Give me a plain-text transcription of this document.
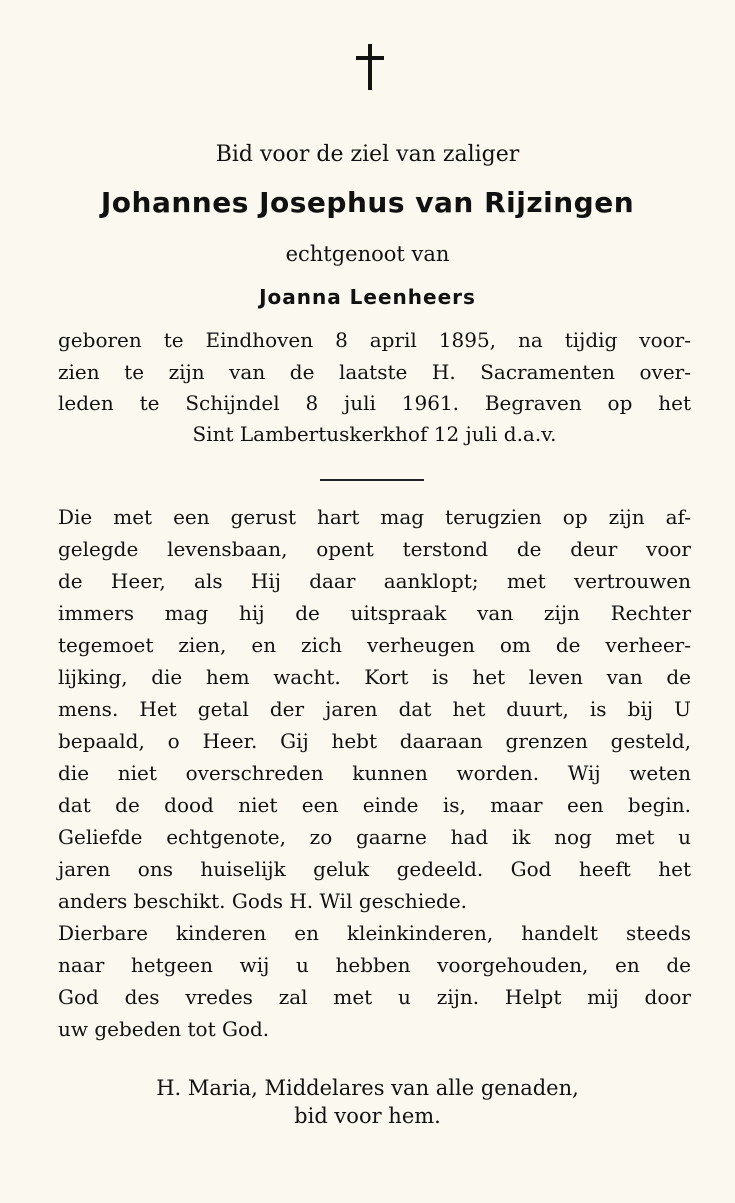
Bid voor de ziel van zaliger
Johannes Josephus van Rijzingen
echtgenoot van
Joanna Leenheers
geboren te Eindhoven 8 april 1895, na tijdig voor-
zien te zijn van de laatste H. Sacramenten over-
leden te Schijndel 8 juli 1961. Begraven op het
Sint Lambertuskerkhof 12 juli d.a.v.
Die met een gerust hart mag terugzien op zijn af-
gelegde levensbaan, opent terstond de deur voor
de Heer, als Hij daar aanklopt; met vertrouwen
immers mag hij de uitspraak van zijn Rechter
tegemoet zien, en zich verheugen om de verheer-
lijking, die hem wacht. Kort is het leven van de
mens. Het getal der jaren dat het duurt, is bij U
bepaald, o Heer. Gij hebt daaraan grenzen gesteld,
die niet overschreden kunnen worden. Wij weten
dat de dood niet een einde is, maar een begin.
Geliefde echtgenote, zo gaarne had ik nog met u
jaren ons huiselijk geluk gedeeld. God heeft het
anders beschikt. Gods H. Wil geschiede.
Dierbare kinderen en kleinkinderen, handelt steeds
naar hetgeen wij u hebben voorgehouden, en de
God des vredes zal met u zijn. Helpt mij door
uw gebeden tot God.
H. Maria, Middelares van alle genaden,
bid voor hem.
